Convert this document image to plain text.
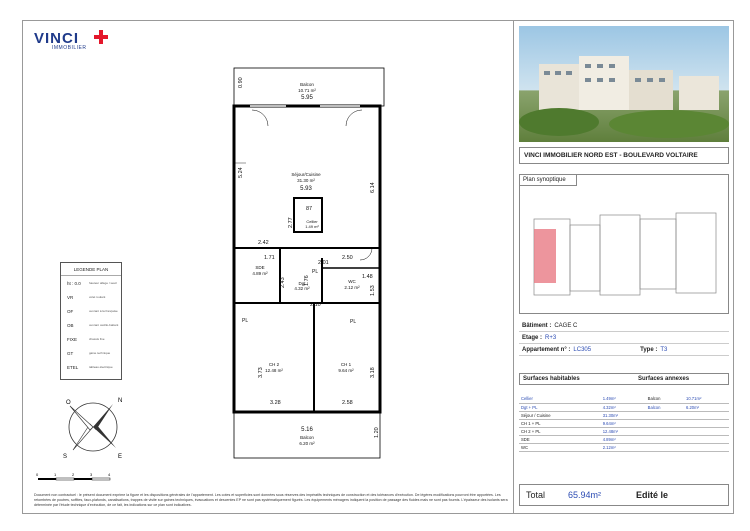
VINCI
IMMOBILIER
LEGENDE PLAN
ht : 0.0	hauteur allège / seuil
VR	volet roulant
OF	ouvrant à la française
OB	ouvrant oscillo-battant
FIXE	chassis fixe
GT	gaine technique
ETEL	tableau électrique
O	N
S	E
0	1	2	3	4
Balcon
10.71 m²
5.95
Séjour/Cuisine
31.30 m²
5.93
Cellier
1.49 m²
Dgt
4.32 m²
SDE
4.89 m²
WC
2.12 m²
CH 2
12.48 m²
CH 1
9.64 m²
5.16
Balcon
6.20 m²
5.24
6.14
87
2.77
2.42
1.71	2.50
1.48
2.43
2.10
1.53
3.73	3.18
3.28	2.58
1.20
0.90
2.01
1.76
PL	PL
PL
VINCI IMMOBILIER NORD EST - BOULEVARD VOLTAIRE
Plan synoptique
Bâtiment : CAGE C
Etage : R+3
Appartement n° : LC305	Type : T3
Surfaces habitables	Surfaces annexes
Cellier	1.49m²	Balcon	10.71m²
Dgt + PL	4.32m²	Balcon	6.20m²
Séjour / Cuisine	31.30m²		
CH 1 + PL	9.64m²		
CH 2 + PL	12.48m²		
SDE	4.89m²		
WC	2.12m²		
Total	65.94m²	Edité le
Document non contractuel : le présent document exprime la figure et les dispositions générales de l'appartement. Les cotes et superficies sont données sous réserves des impératifs techniques de construction et des tolérances d'exécution. De légères modifications pourront être apportées. Les retombées de poutres, soffites, faux-plafonds, canalisations, trappes de visite sur gaines techniques, évacuations et descentes EP ne sont pas systématiquement figurés. Les équipements ménagers indiquent la position de passage des fluides mais ne sont pas fournis. L'épaisseur des isolants sera déterminée par l'étude technique d'exécution, de ce fait, les indications sur ce plan sont indicatives.
